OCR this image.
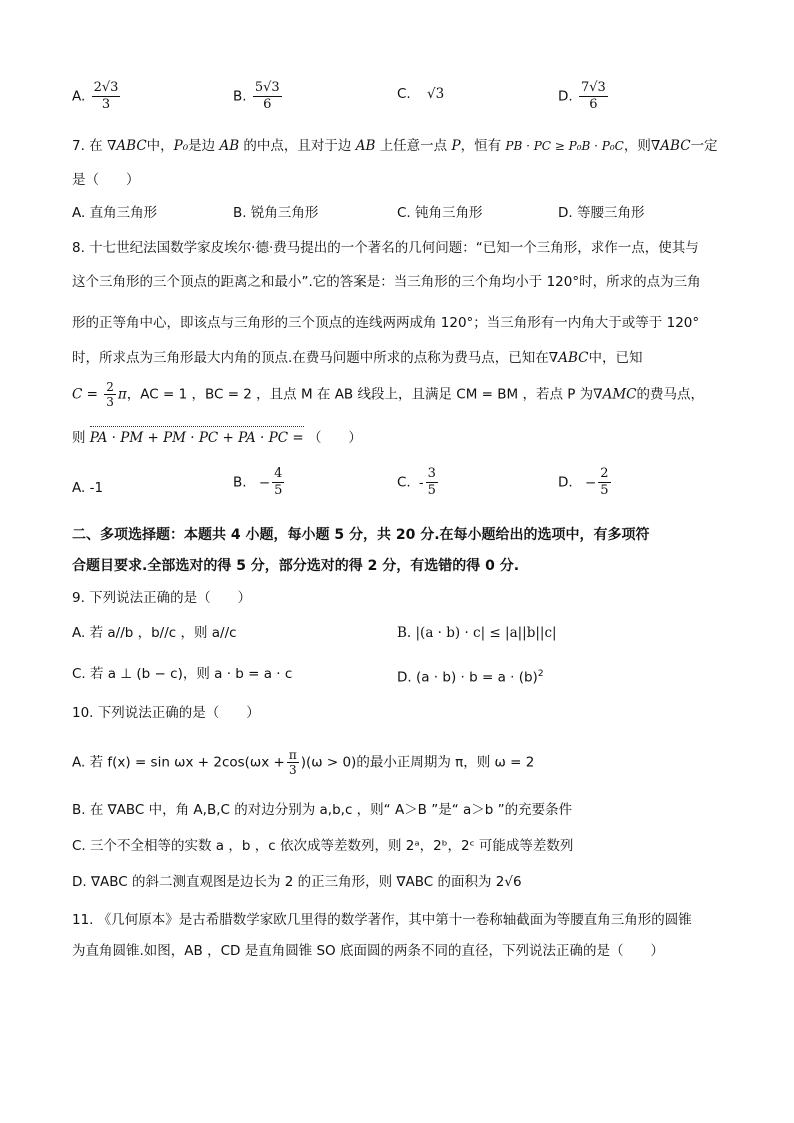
A. $\frac{2√3}{3}$	B. $\frac{5√3}{6}$	C. √3	D. $\frac{7√3}{6}$
7. 在 ∇ABC中，P₀是边 AB 的中点，且对于边 AB 上任意一点 P，恒有 PB · PC ≥ P₀B · P₀C，则∇ABC一定
是（　　）
A. 直角三角形	B. 锐角三角形	C. 钝角三角形	D. 等腰三角形
8. 十七世纪法国数学家皮埃尔·德·费马提出的一个著名的几何问题：“已知一个三角形，求作一点，使其与
这个三角形的三个顶点的距离之和最小”.它的答案是：当三角形的三个角均小于 120°时，所求的点为三角
形的正等角中心，即该点与三角形的三个顶点的连线两两成角 120°；当三角形有一内角大于或等于 120°
时，所求点为三角形最大内角的顶点.在费马问题中所求的点称为费马点，已知在∇ABC中，已知
$C = \frac{2}{3}$ π，AC = 1 ，BC = 2 ，且点 M 在 AB 线段上，且满足 CM = BM ，若点 P 为∇AMC的费马点，
则 PA · PM + PM · PC + PA · PC = （　　）
A. -1	B. − $\frac{4}{5}$	C. - $\frac{3}{5}$	D. − $\frac{2}{5}$
二、多项选择题：本题共 4 小题，每小题 5 分，共 20 分.在每小题给出的选项中，有多项符
合题目要求.全部选对的得 5 分，部分选对的得 2 分，有选错的得 0 分.
9. 下列说法正确的是（　　）
A. 若 a//b ，b//c ，则 a//c	B. |(a · b) · c| ≤ |a||b||c|
C. 若 a ⊥ (b − c)，则 a · b = a · c	D. $(a \cdot b) \cdot b = a \cdot (b)^2$
10. 下列说法正确的是（　　）
A. 若 $f(x) = \sin \omega x + 2\cos(\omega x + \frac{\pi}{3} )(\omega > 0)$的最小正周期为 π，则 ω = 2
B. 在 ∇ABC 中，角 A,B,C 的对边分别为 a,b,c ，则“ A＞B ”是“ a＞b ”的充要条件
C. 三个不全相等的实数 a ，b ，c 依次成等差数列，则 2ᵃ，2ᵇ，2ᶜ 可能成等差数列
D. ∇ABC 的斜二测直观图是边长为 2 的正三角形，则 ∇ABC 的面积为 2√6
11. 《几何原本》是古希腊数学家欧几里得的数学著作，其中第十一卷称轴截面为等腰直角三角形的圆锥
为直角圆锥.如图，AB ，CD 是直角圆锥 SO 底面圆的两条不同的直径，下列说法正确的是（　　）
